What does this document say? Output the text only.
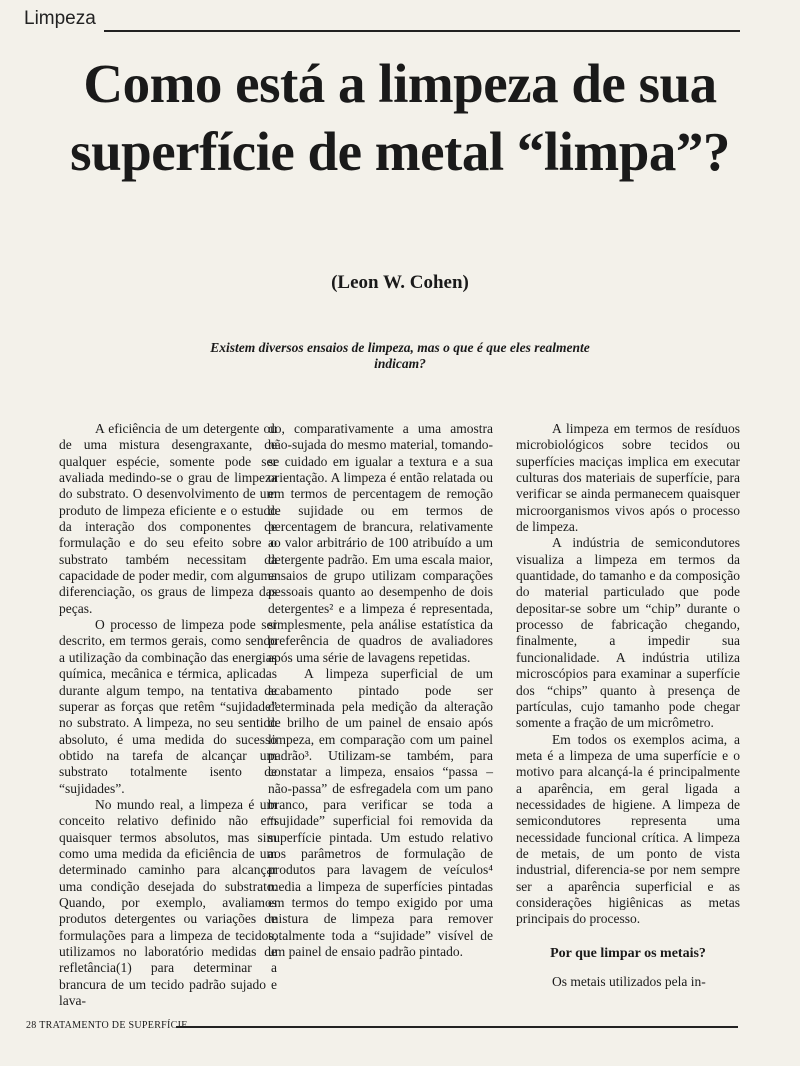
Limpeza
Como está a limpeza de sua superfície de metal “limpa”?
(Leon W. Cohen)
Existem diversos ensaios de limpeza, mas o que é que eles realmente indicam?

A eficiência de um detergente ou de uma mistura desengraxante, de qualquer espécie, somente pode ser avaliada medindo-se o grau de limpeza do substrato. O desenvolvimento de um produto de limpeza eficiente e o estudo da interação dos componentes de formulação e do seu efeito sobre o substrato também necessitam da capacidade de poder medir, com alguma diferenciação, os graus de limpeza das peças.

O processo de limpeza pode ser descrito, em termos gerais, como sendo a utilização da combinação das energias química, mecânica e térmica, aplicadas durante algum tempo, na tentativa de superar as forças que retêm “sujidade” no substrato. A limpeza, no seu sentido absoluto, é uma medida do sucesso obtido na tarefa de alcançar um substrato totalmente isento de “sujidades”.

No mundo real, a limpeza é um conceito relativo definido não em quaisquer termos absolutos, mas sim como uma medida da eficiência de um determinado caminho para alcançar uma condição desejada do substrato. Quando, por exemplo, avaliamos produtos detergentes ou variações de formulações para a limpeza de tecidos, utilizamos no laboratório medidas de refletância(1) para determinar a brancura de um tecido padrão sujado e lava-

do, comparativamente a uma amostra não-sujada do mesmo material, tomando-se cuidado em igualar a textura e a sua orientação. A limpeza é então relatada ou em termos de percentagem de remoção de sujidade ou em termos de percentagem de brancura, relativamente ao valor arbitrário de 100 atribuído a um detergente padrão. Em uma escala maior, ensaios de grupo utilizam comparações pessoais quanto ao desempenho de dois detergentes² e a limpeza é representada, simplesmente, pela análise estatística da preferência de quadros de avaliadores após uma série de lavagens repetidas.

A limpeza superficial de um acabamento pintado pode ser determinada pela medição da alteração de brilho de um painel de ensaio após limpeza, em comparação com um painel padrão³. Utilizam-se também, para constatar a limpeza, ensaios “passa – não-passa” de esfregadela com um pano branco, para verificar se toda a “sujidade” superficial foi removida da superfície pintada. Um estudo relativo aos parâmetros de formulação de produtos para lavagem de veículos⁴ media a limpeza de superfícies pintadas em termos do tempo exigido por uma mistura de limpeza para remover totalmente toda a “sujidade” visível de um painel de ensaio padrão pintado.

A limpeza em termos de resíduos microbiológicos sobre tecidos ou superfícies maciças implica em executar culturas dos materiais de superfície, para verificar se ainda permanecem quaisquer microorganismos vivos após o processo de limpeza.

A indústria de semicondutores visualiza a limpeza em termos da quantidade, do tamanho e da composição do material particulado que pode depositar-se sobre um “chip” durante o processo de fabricação chegando, finalmente, a impedir sua funcionalidade. A indústria utiliza microscópios para examinar a superfície dos “chips” quanto à presença de partículas, cujo tamanho pode chegar somente a fração de um micrômetro.

Em todos os exemplos acima, a meta é a limpeza de uma superfície e o motivo para alcançá-la é principalmente a aparência, em geral ligada a necessidades de higiene. A limpeza de semicondutores representa uma necessidade funcional crítica. A limpeza de metais, de um ponto de vista industrial, diferencia-se por nem sempre ser a aparência superficial e as considerações higiênicas as metas principais do processo.

Por que limpar os metais?

Os metais utilizados pela in-

28 TRATAMENTO DE SUPERFÍCIE
